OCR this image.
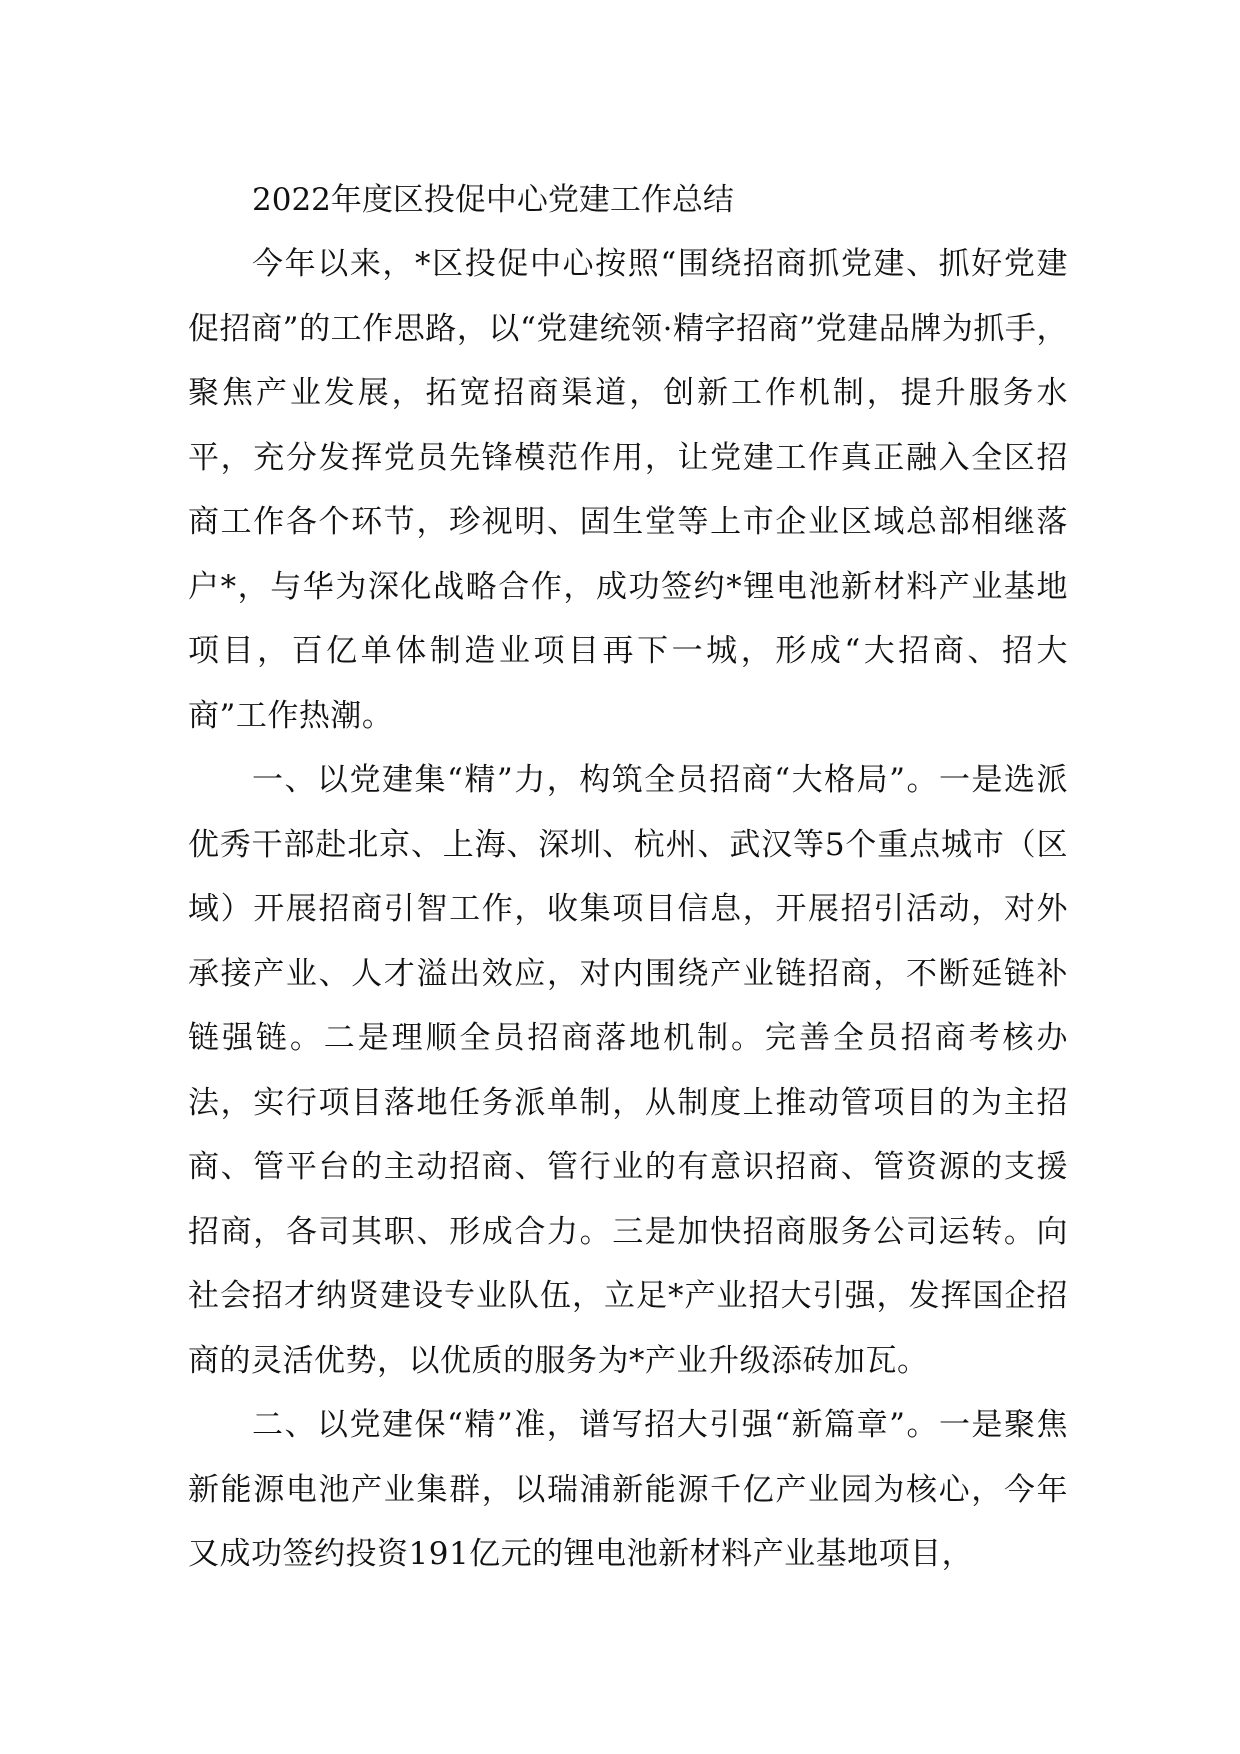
2022年度区投促中心党建工作总结

今年以来，*区投促中心按照“围绕招商抓党建、抓好党建促招商”的工作思路，以“党建统领·精字招商”党建品牌为抓手，聚焦产业发展，拓宽招商渠道，创新工作机制，提升服务水平，充分发挥党员先锋模范作用，让党建工作真正融入全区招商工作各个环节，珍视明、固生堂等上市企业区域总部相继落户*，与华为深化战略合作，成功签约*锂电池新材料产业基地项目，百亿单体制造业项目再下一城，形成“大招商、招大商”工作热潮。

一、以党建集“精”力，构筑全员招商“大格局”。一是选派优秀干部赴北京、上海、深圳、杭州、武汉等5个重点城市（区域）开展招商引智工作，收集项目信息，开展招引活动，对外承接产业、人才溢出效应，对内围绕产业链招商，不断延链补链强链。二是理顺全员招商落地机制。完善全员招商考核办法，实行项目落地任务派单制，从制度上推动管项目的为主招商、管平台的主动招商、管行业的有意识招商、管资源的支援招商，各司其职、形成合力。三是加快招商服务公司运转。向社会招才纳贤建设专业队伍，立足*产业招大引强，发挥国企招商的灵活优势，以优质的服务为*产业升级添砖加瓦。

二、以党建保“精”准，谱写招大引强“新篇章”。一是聚焦新能源电池产业集群，以瑞浦新能源千亿产业园为核心，今年又成功签约投资191亿元的锂电池新材料产业基地项目，
